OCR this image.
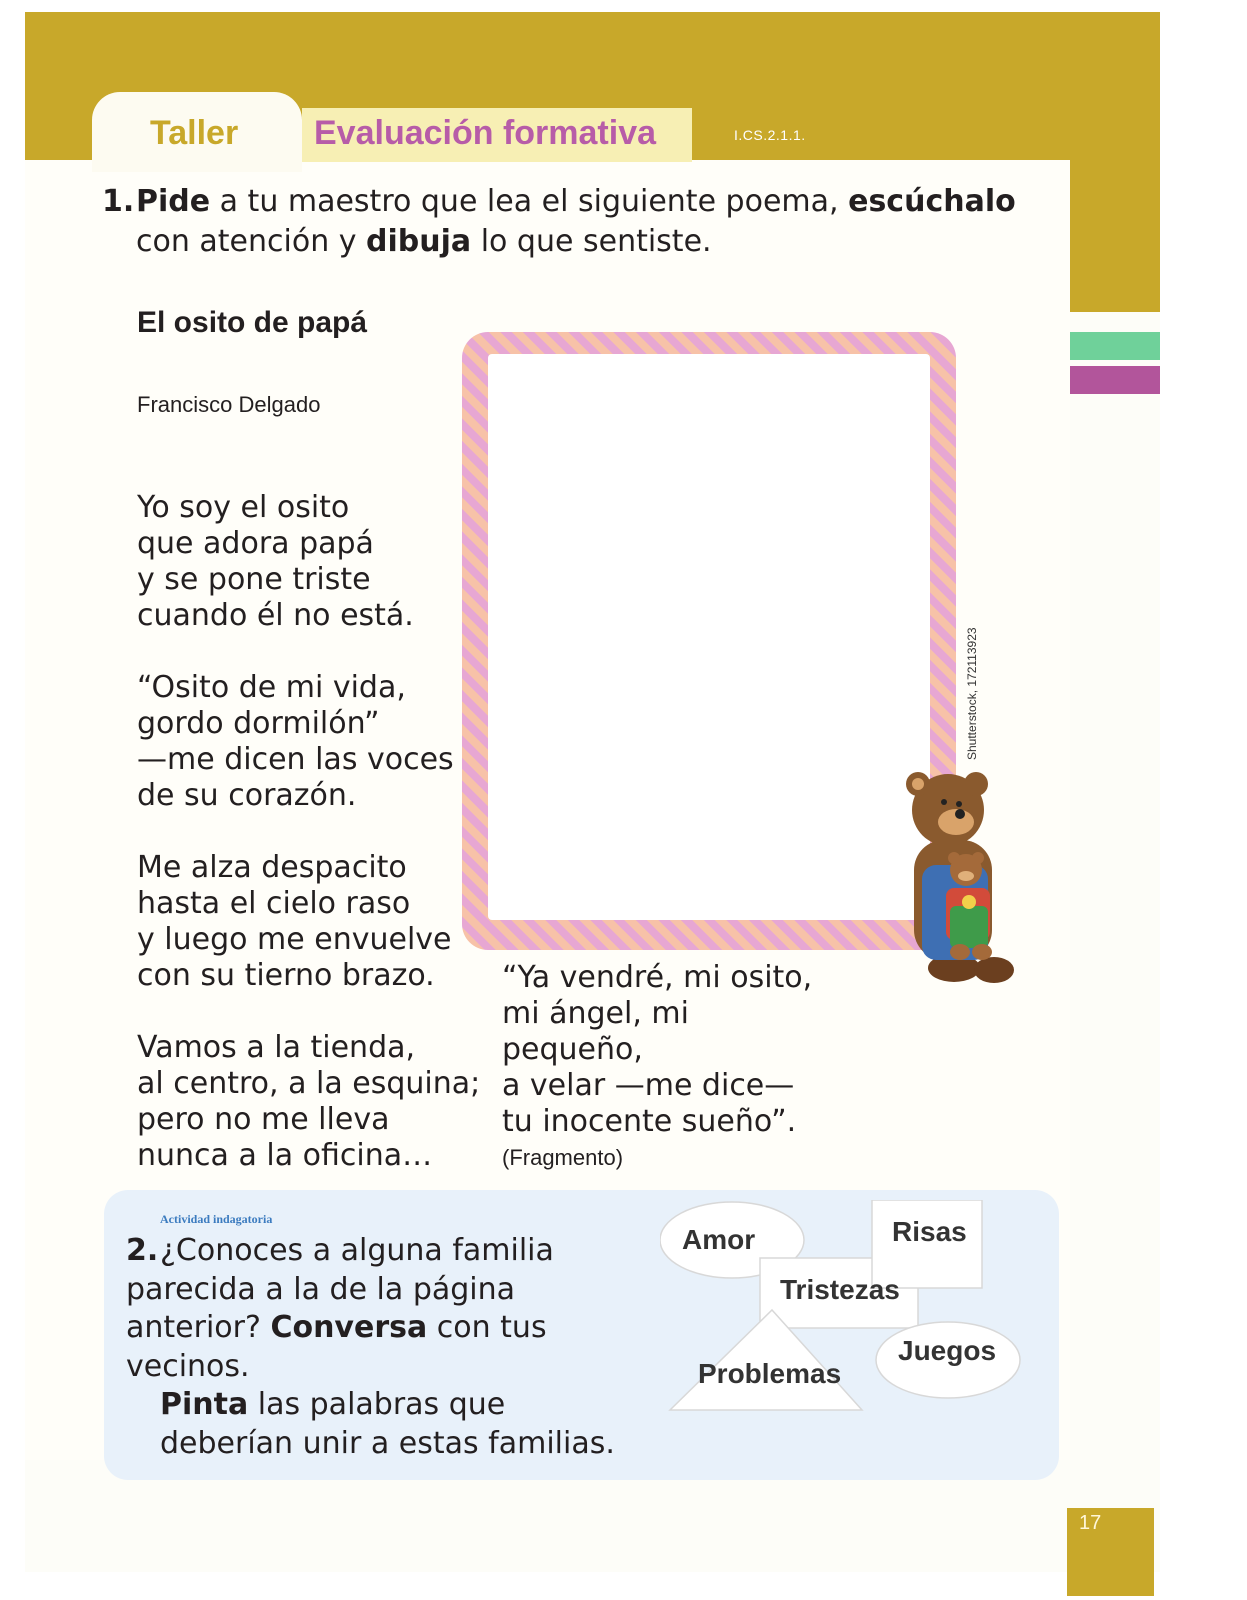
Taller Evaluación formativa	I.CS.2.1.1.
1.Pide a tu maestro que lea el siguiente poema, escúchalo
con atención y dibuja lo que sentiste.
El osito de papá
Francisco Delgado
Yo soy el osito
que adora papá
y se pone triste
cuando él no está.
“Osito de mi vida,
gordo dormilón”
—me dicen las voces
de su corazón.
Me alza despacito
hasta el cielo raso
y luego me envuelve
con su tierno brazo.
Vamos a la tienda,
al centro, a la esquina;
pero no me lleva
nunca a la oficina…
“Ya vendré, mi osito,
mi ángel, mi
pequeño,
a velar —me dice—
tu inocente sueño”.
(Fragmento)
Shutterstock, 172113923
Actividad indagatoria
2.¿Conoces a alguna familia parecida a la de la página anterior? Conversa con tus vecinos.
Pinta las palabras que deberían unir a estas familias.
Amor	Risas
Tristezas
Juegos
Problemas
17
